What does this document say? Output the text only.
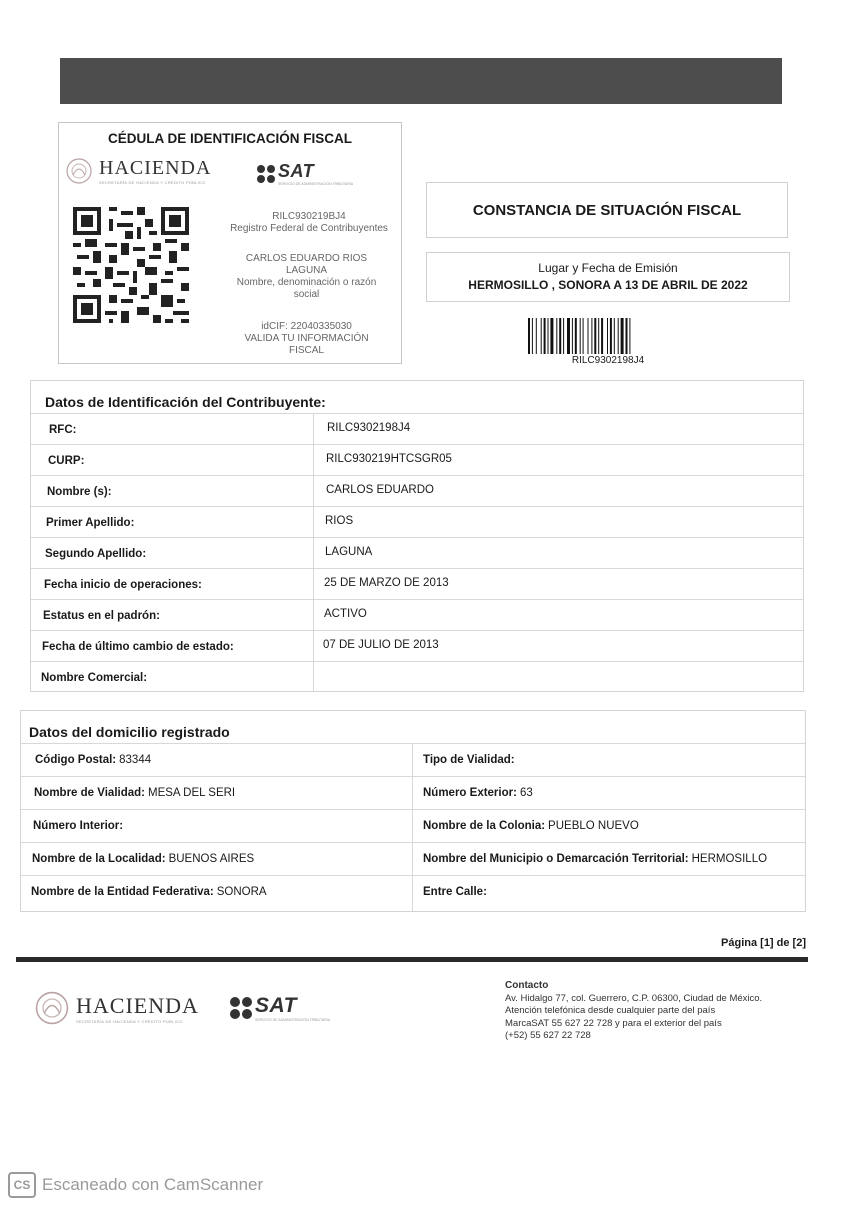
CÉDULA DE IDENTIFICACIÓN FISCAL
HACIENDA
SECRETARÍA DE HACIENDA Y CRÉDITO PÚBLICO
SAT
SERVICIO DE ADMINISTRACIÓN TRIBUTARIA
RILC930219BJ4
Registro Federal de Contribuyentes
CARLOS EDUARDO RIOS LAGUNA
Nombre, denominación o razón social
idCIF: 22040335030
VALIDA TU INFORMACIÓN FISCAL
CONSTANCIA DE SITUACIÓN FISCAL
Lugar y Fecha de Emisión
HERMOSILLO , SONORA A 13 DE ABRIL DE 2022
RILC9302198J4
Datos de Identificación del Contribuyente:
RFC:	RILC9302198J4
CURP:	RILC930219HTCSGR05
Nombre (s):	CARLOS EDUARDO
Primer Apellido:	RIOS
Segundo Apellido:	LAGUNA
Fecha inicio de operaciones:	25 DE MARZO DE 2013
Estatus en el padrón:	ACTIVO
Fecha de último cambio de estado:	07 DE JULIO DE 2013
Nombre Comercial:
Datos del domicilio registrado
Código Postal: 83344	Tipo de Vialidad:
Nombre de Vialidad: MESA DEL SERI	Número Exterior: 63
Número Interior:	Nombre de la Colonia: PUEBLO NUEVO
Nombre de la Localidad: BUENOS AIRES	Nombre del Municipio o Demarcación Territorial: HERMOSILLO
Nombre de la Entidad Federativa: SONORA	Entre Calle:
Página [1] de [2]
HACIENDA
SECRETARÍA DE HACIENDA Y CRÉDITO PÚBLICO
SAT
SERVICIO DE ADMINISTRACIÓN TRIBUTARIA
Contacto
Av. Hidalgo 77, col. Guerrero, C.P. 06300, Ciudad de México.
Atención telefónica desde cualquier parte del país
MarcaSAT 55 627 22 728 y para el exterior del país
(+52) 55 627 22 728
CS Escaneado con CamScanner
